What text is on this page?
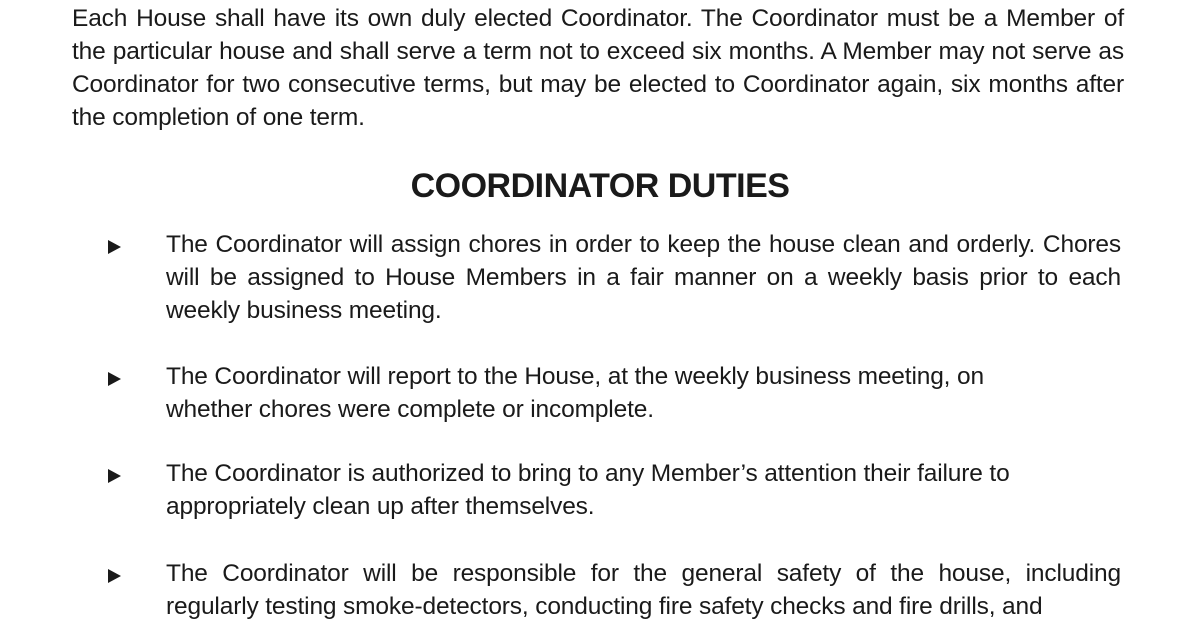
Each House shall have its own duly elected Coordinator. The Coordinator must be a Member of the particular house and shall serve a term not to exceed six months. A Member may not serve as Coordinator for two consecutive terms, but may be elected to Coordinator again, six months after the completion of one term.

COORDINATOR DUTIES

The Coordinator will assign chores in order to keep the house clean and orderly. Chores will be assigned to House Members in a fair manner on a weekly basis prior to each weekly business meeting.

The Coordinator will report to the House, at the weekly business meeting, on whether chores were complete or incomplete.

The Coordinator is authorized to bring to any Member’s attention their failure to appropriately clean up after themselves.

The Coordinator will be responsible for the general safety of the house, including regularly testing smoke-detectors, conducting fire safety checks and fire drills, and
